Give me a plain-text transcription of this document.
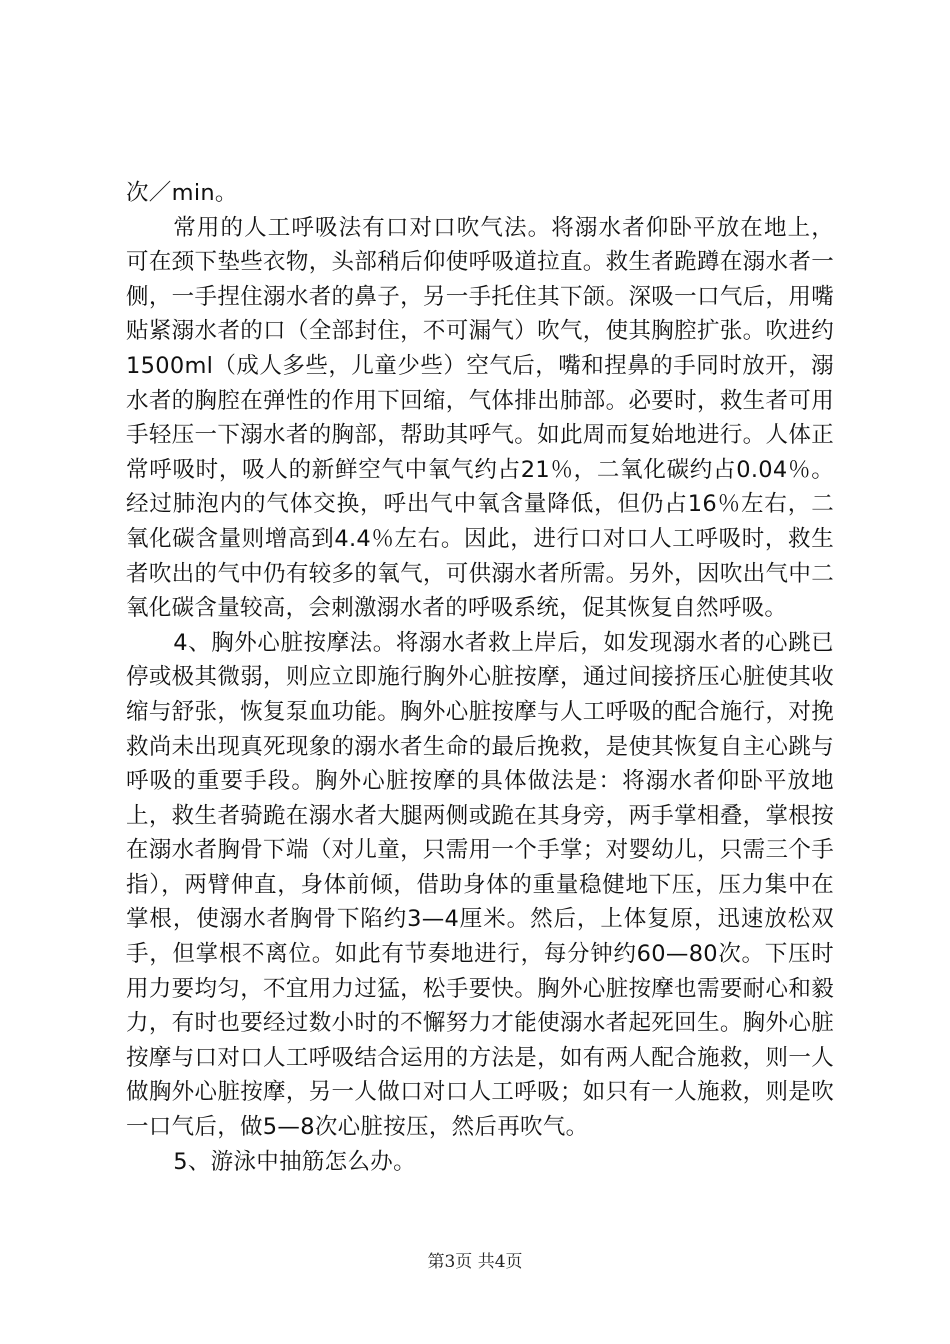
次／min。

常用的人工呼吸法有口对口吹气法。将溺水者仰卧平放在地上，可在颈下垫些衣物，头部稍后仰使呼吸道拉直。救生者跪蹲在溺水者一侧，一手捏住溺水者的鼻子，另一手托住其下颌。深吸一口气后，用嘴贴紧溺水者的口（全部封住，不可漏气）吹气，使其胸腔扩张。吹进约1500ml（成人多些，儿童少些）空气后，嘴和捏鼻的手同时放开，溺水者的胸腔在弹性的作用下回缩，气体排出肺部。必要时，救生者可用手轻压一下溺水者的胸部，帮助其呼气。如此周而复始地进行。人体正常呼吸时，吸人的新鲜空气中氧气约占21％，二氧化碳约占0.04％。经过肺泡内的气体交换，呼出气中氧含量降低，但仍占16％左右，二氧化碳含量则增高到4.4％左右。因此，进行口对口人工呼吸时，救生者吹出的气中仍有较多的氧气，可供溺水者所需。另外，因吹出气中二氧化碳含量较高，会刺激溺水者的呼吸系统，促其恢复自然呼吸。

4、胸外心脏按摩法。将溺水者救上岸后，如发现溺水者的心跳已停或极其微弱，则应立即施行胸外心脏按摩，通过间接挤压心脏使其收缩与舒张，恢复泵血功能。胸外心脏按摩与人工呼吸的配合施行，对挽救尚未出现真死现象的溺水者生命的最后挽救，是使其恢复自主心跳与呼吸的重要手段。胸外心脏按摩的具体做法是：将溺水者仰卧平放地上，救生者骑跪在溺水者大腿两侧或跪在其身旁，两手掌相叠，掌根按在溺水者胸骨下端（对儿童，只需用一个手掌；对婴幼儿，只需三个手指），两臂伸直，身体前倾，借助身体的重量稳健地下压，压力集中在掌根，使溺水者胸骨下陷约3—4厘米。然后，上体复原，迅速放松双手，但掌根不离位。如此有节奏地进行，每分钟约60—80次。下压时用力要均匀，不宜用力过猛，松手要快。胸外心脏按摩也需要耐心和毅力，有时也要经过数小时的不懈努力才能使溺水者起死回生。胸外心脏按摩与口对口人工呼吸结合运用的方法是，如有两人配合施救，则一人做胸外心脏按摩，另一人做口对口人工呼吸；如只有一人施救，则是吹一口气后，做5—8次心脏按压，然后再吹气。

5、游泳中抽筋怎么办。

第3页 共4页
